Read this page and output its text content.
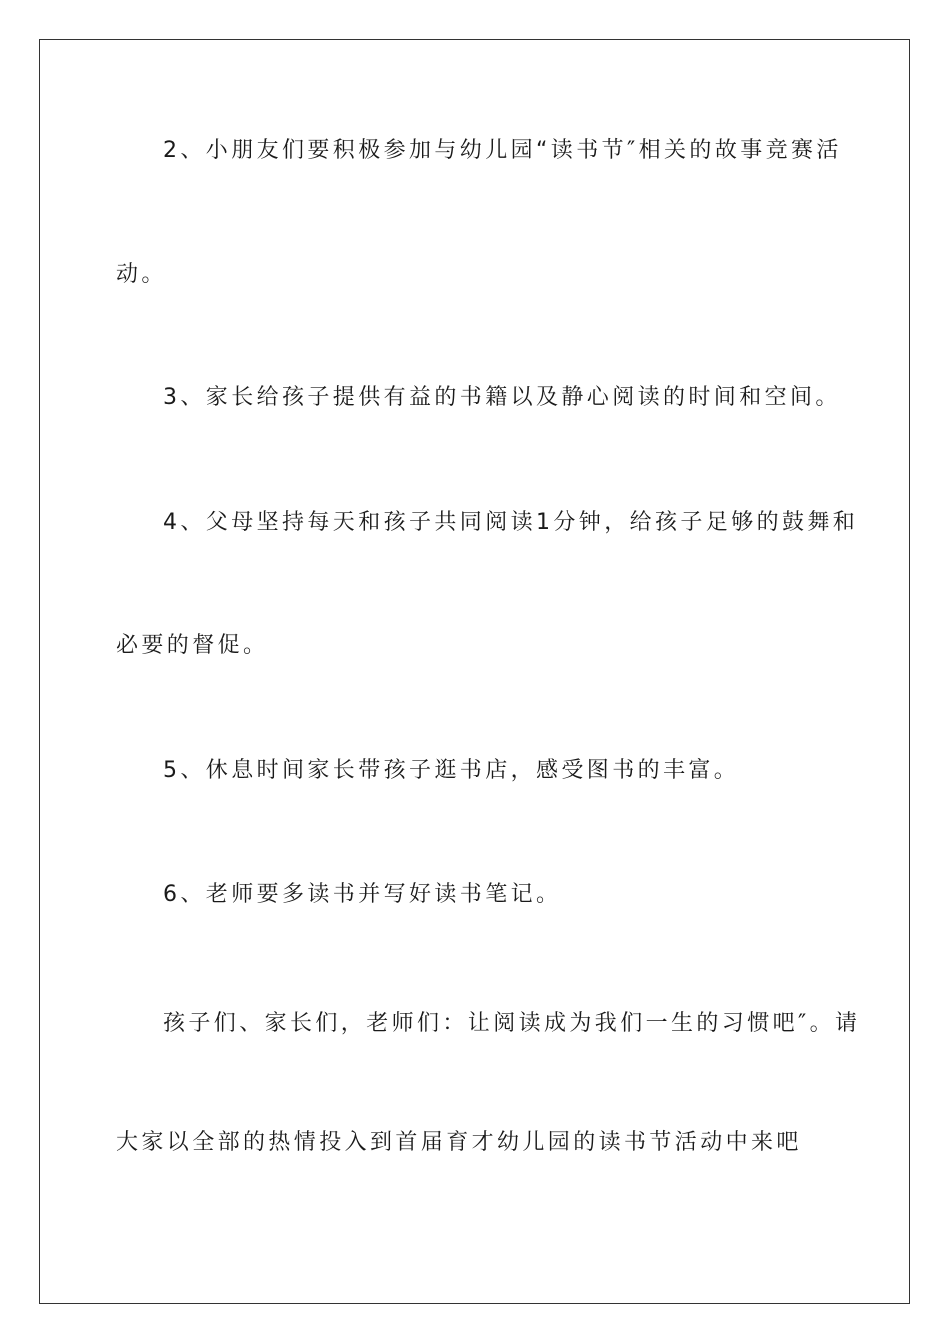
2、小朋友们要积极参加与幼儿园“读书节″相关的故事竞赛活
动。
3、家长给孩子提供有益的书籍以及静心阅读的时间和空间。
4、父母坚持每天和孩子共同阅读1分钟，给孩子足够的鼓舞和
必要的督促。
5、休息时间家长带孩子逛书店，感受图书的丰富。
6、老师要多读书并写好读书笔记。
孩子们、家长们，老师们：让阅读成为我们一生的习惯吧″。请
大家以全部的热情投入到首届育才幼儿园的读书节活动中来吧
